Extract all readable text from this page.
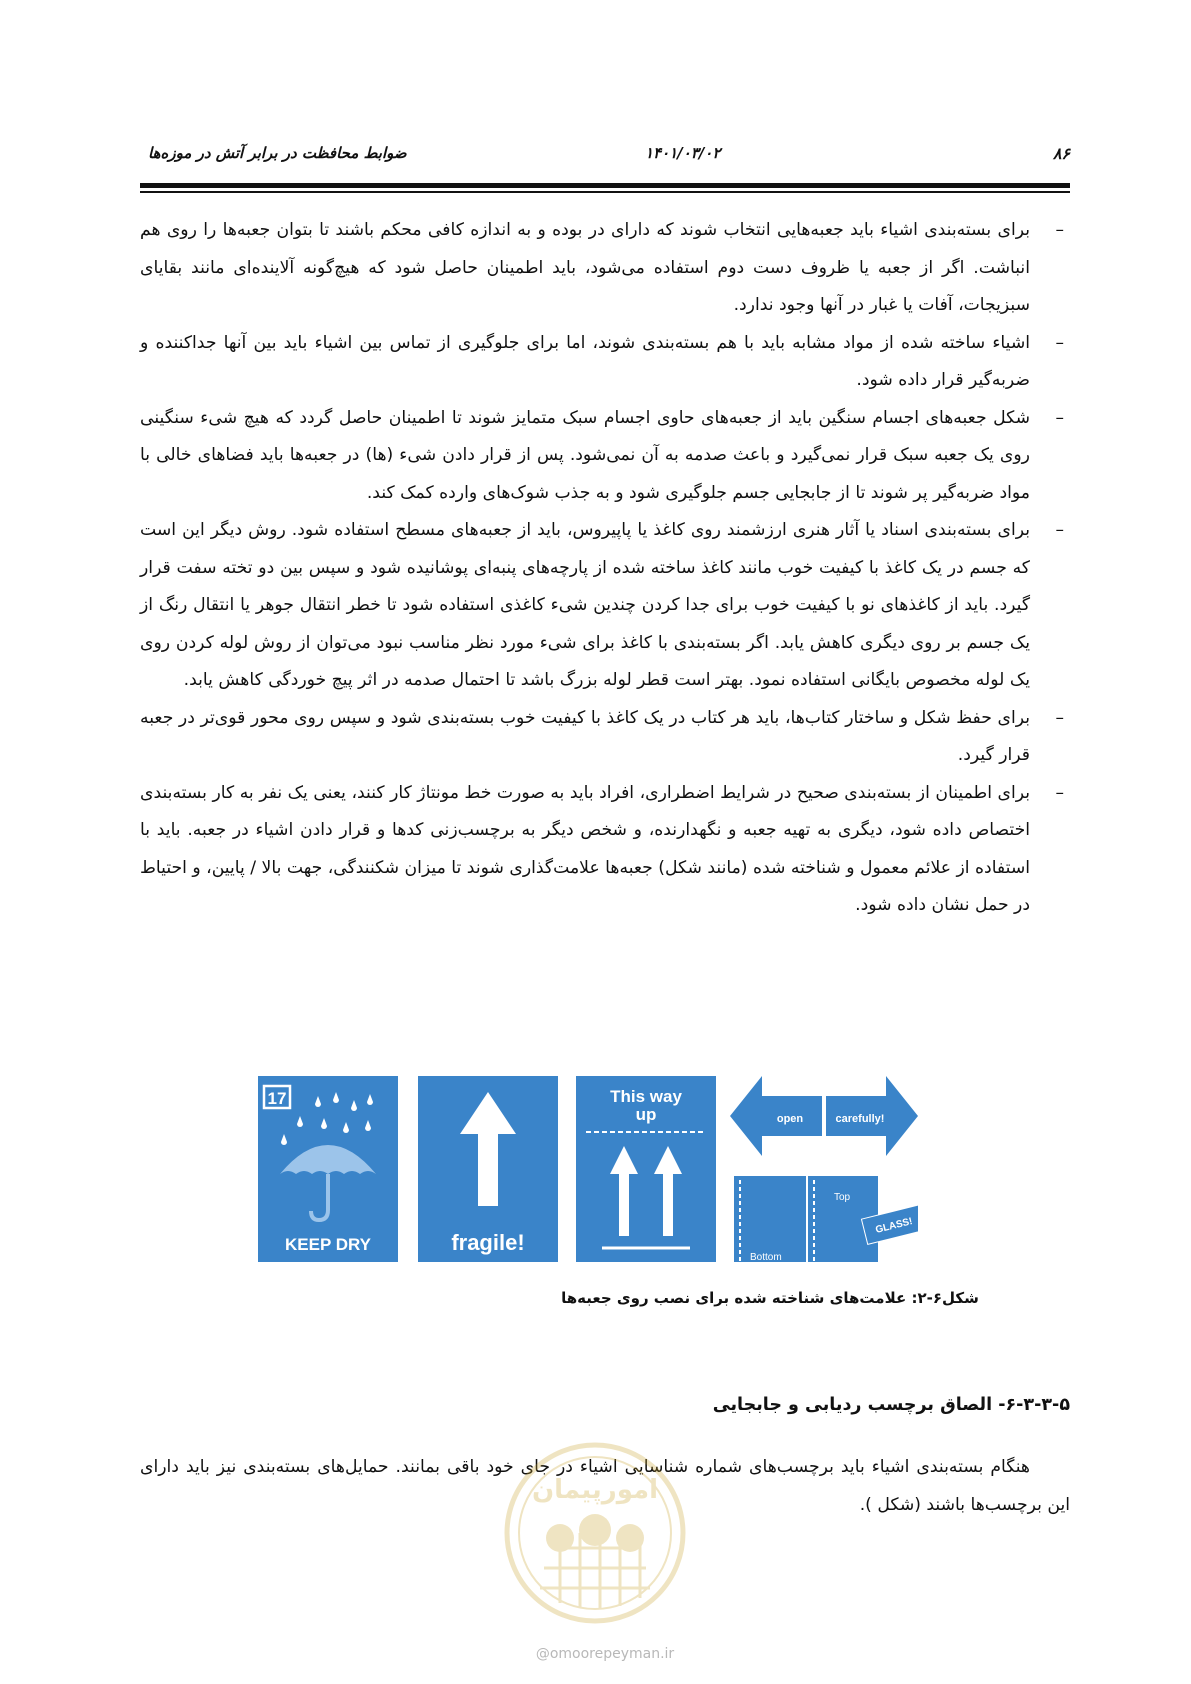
۸۶
۱۴۰۱/۰۳/۰۲
ضوابط محافظت در برابر آتش در موزه‌ها
–
برای بسته‌بندی اشیاء باید جعبه‌هایی انتخاب شوند که دارای در بوده و به اندازه کافی محکم باشند تا بتوان جعبه‌ها را روی هم انباشت. اگر از جعبه یا ظروف دست دوم استفاده می‌شود، باید اطمینان حاصل شود که هیچ‌گونه آلاینده‌ای مانند بقایای سبزیجات، آفات یا غبار در آنها وجود ندارد.
–
اشیاء ساخته شده از مواد مشابه باید با هم بسته‌بندی شوند، اما برای جلوگیری از تماس بین اشیاء باید بین آنها جداکننده و ضربه‌گیر قرار داده شود.
–
شکل جعبه‌های اجسام سنگین باید از جعبه‌های حاوی اجسام سبک متمایز شوند تا اطمینان حاصل گردد که هیچ شیء سنگینی روی یک جعبه سبک قرار نمی‌گیرد و باعث صدمه به آن نمی‌شود. پس از قرار دادن شیء (ها) در جعبه‌ها باید فضاهای خالی با مواد ضربه‌گیر پر شوند تا از جابجایی جسم جلوگیری شود و به جذب شوک‌های وارده کمک کند.
–
برای بسته‌بندی اسناد یا آثار هنری ارزشمند روی کاغذ یا پاپیروس، باید از جعبه‌های مسطح استفاده شود. روش دیگر این است که جسم در یک کاغذ با کیفیت خوب مانند کاغذ ساخته شده از پارچه‌های پنبه‌ای پوشانیده شود و سپس بین دو تخته سفت قرار گیرد. باید از کاغذهای نو با کیفیت خوب برای جدا کردن چندین شیء کاغذی استفاده شود تا خطر انتقال جوهر یا انتقال رنگ از یک جسم بر روی دیگری کاهش یابد. اگر بسته‌بندی با کاغذ برای شیء مورد نظر مناسب نبود می‌توان از روش لوله کردن روی یک لوله مخصوص بایگانی استفاده نمود. بهتر است قطر لوله بزرگ باشد تا احتمال صدمه در اثر پیچ خوردگی کاهش یابد.
–
برای حفظ شکل و ساختار کتاب‌ها، باید هر کتاب در یک کاغذ با کیفیت خوب بسته‌بندی شود و سپس روی محور قوی‌تر در جعبه قرار گیرد.
–
برای اطمینان از بسته‌بندی صحیح در شرایط اضطراری، افراد باید به صورت خط مونتاژ کار کنند، یعنی یک نفر به کار بسته‌بندی اختصاص داده شود، دیگری به تهیه جعبه و نگهدارنده، و شخص دیگر به برچسب‌زنی کدها و قرار دادن اشیاء در جعبه. باید با استفاده از علائم معمول و شناخته شده (مانند شکل) جعبه‌ها علامت‌گذاری شوند تا میزان شکنندگی، جهت بالا / پایین، و احتیاط در حمل نشان داده شود.
17
KEEP DRY	fragile!
This way
up	open	carefully!
Top
Bottom
GLASS!
شکل۶-۲: علامت‌های شناخته شده برای نصب روی جعبه‌ها
۶-۳-۳-۵- الصاق برچسب ردیابی و جابجایی
هنگام بسته‌بندی اشیاء باید برچسب‌های شماره شناسایی اشیاء در جای خود باقی بمانند. حمایل‌های بسته‌بندی نیز باید دارای این برچسب‌ها باشند (شکل ).
امورپیمان
@omoorepeyman.ir
